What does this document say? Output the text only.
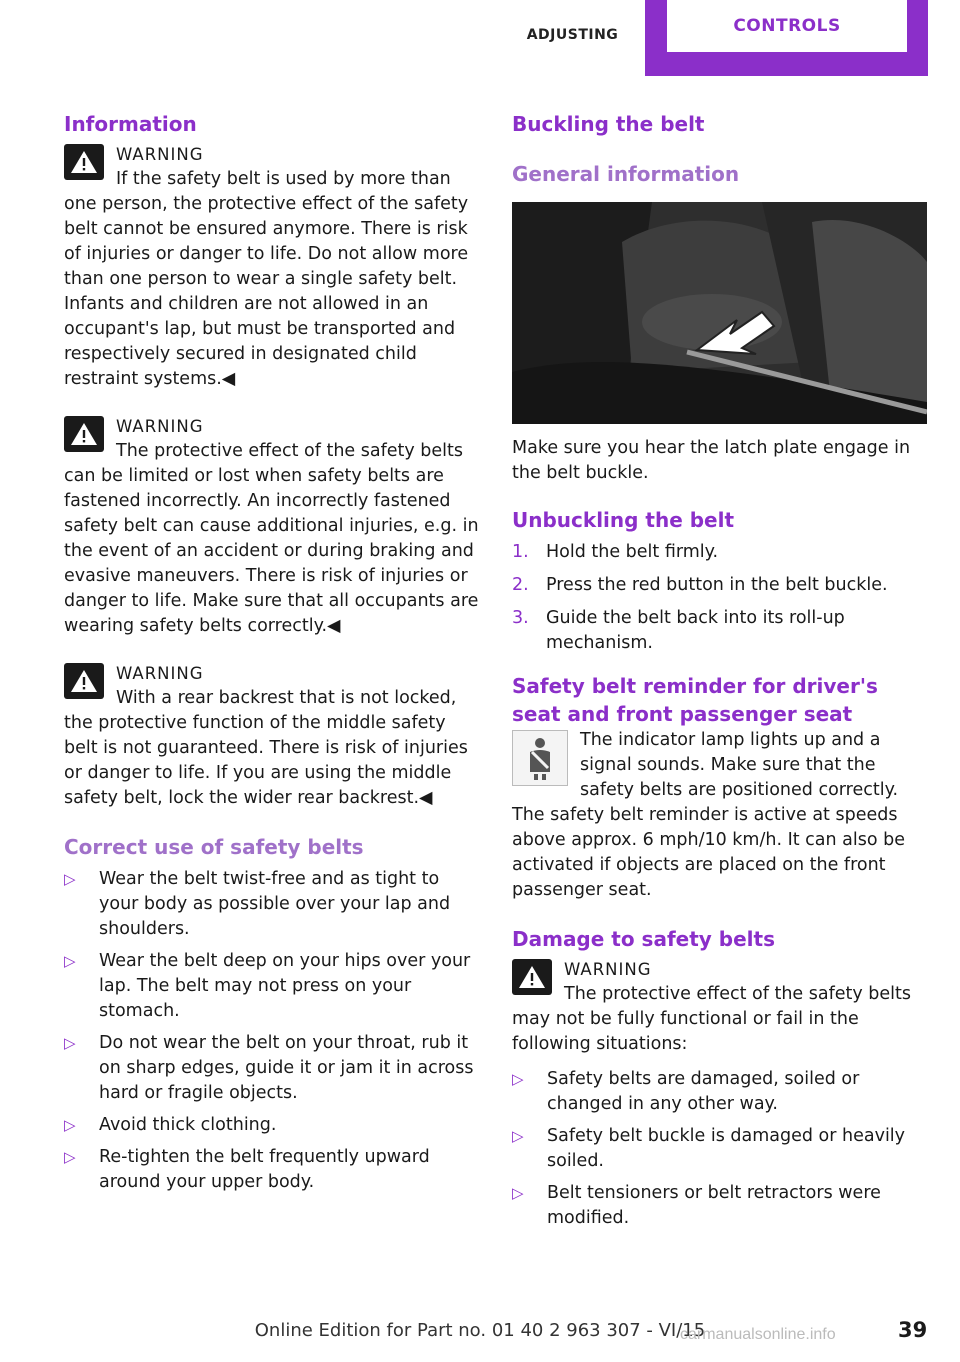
ADJUSTING	CONTROLS
Information
WARNING

If the safety belt is used by more than one person, the protective effect of the safety belt cannot be ensured anymore. There is risk of injuries or danger to life. Do not allow more than one person to wear a single safety belt. Infants and children are not allowed in an occupant's lap, but must be transported and respectively secured in designated child restraint systems.◀

WARNING

The protective effect of the safety belts can be limited or lost when safety belts are fastened incorrectly. An incorrectly fastened safety belt can cause additional injuries, e.g. in the event of an accident or during braking and evasive maneuvers. There is risk of injuries or danger to life. Make sure that all occupants are wearing safety belts correctly.◀

WARNING

With a rear backrest that is not locked, the protective function of the middle safety belt is not guaranteed. There is risk of injuries or danger to life. If you are using the middle safety belt, lock the wider rear backrest.◀

Correct use of safety belts
▷ Wear the belt twist-free and as tight to your body as possible over your lap and shoulders.
▷ Wear the belt deep on your hips over your lap. The belt may not press on your stomach.
▷ Do not wear the belt on your throat, rub it on sharp edges, guide it or jam it in across hard or fragile objects.
▷ Avoid thick clothing.
▷ Re-tighten the belt frequently upward around your upper body.
Buckling the belt
General information

Make sure you hear the latch plate engage in the belt buckle.

Unbuckling the belt
1. Hold the belt firmly.
2. Press the red button in the belt buckle.
3. Guide the belt back into its roll-up mechanism.
Safety belt reminder for driver's seat and front passenger seat

The indicator lamp lights up and a signal sounds. Make sure that the safety belts are positioned correctly. The safety belt reminder is active at speeds above approx. 6 mph/10 km/h. It can also be activated if objects are placed on the front passenger seat.

Damage to safety belts
WARNING

The protective effect of the safety belts may not be fully functional or fail in the following situations:

▷ Safety belts are damaged, soiled or changed in any other way.
▷ Safety belt buckle is damaged or heavily soiled.
▷ Belt tensioners or belt retractors were modified.
Online Edition for Part no. 01 40 2 963 307 - VI/15	39
carmanualsonline.info
